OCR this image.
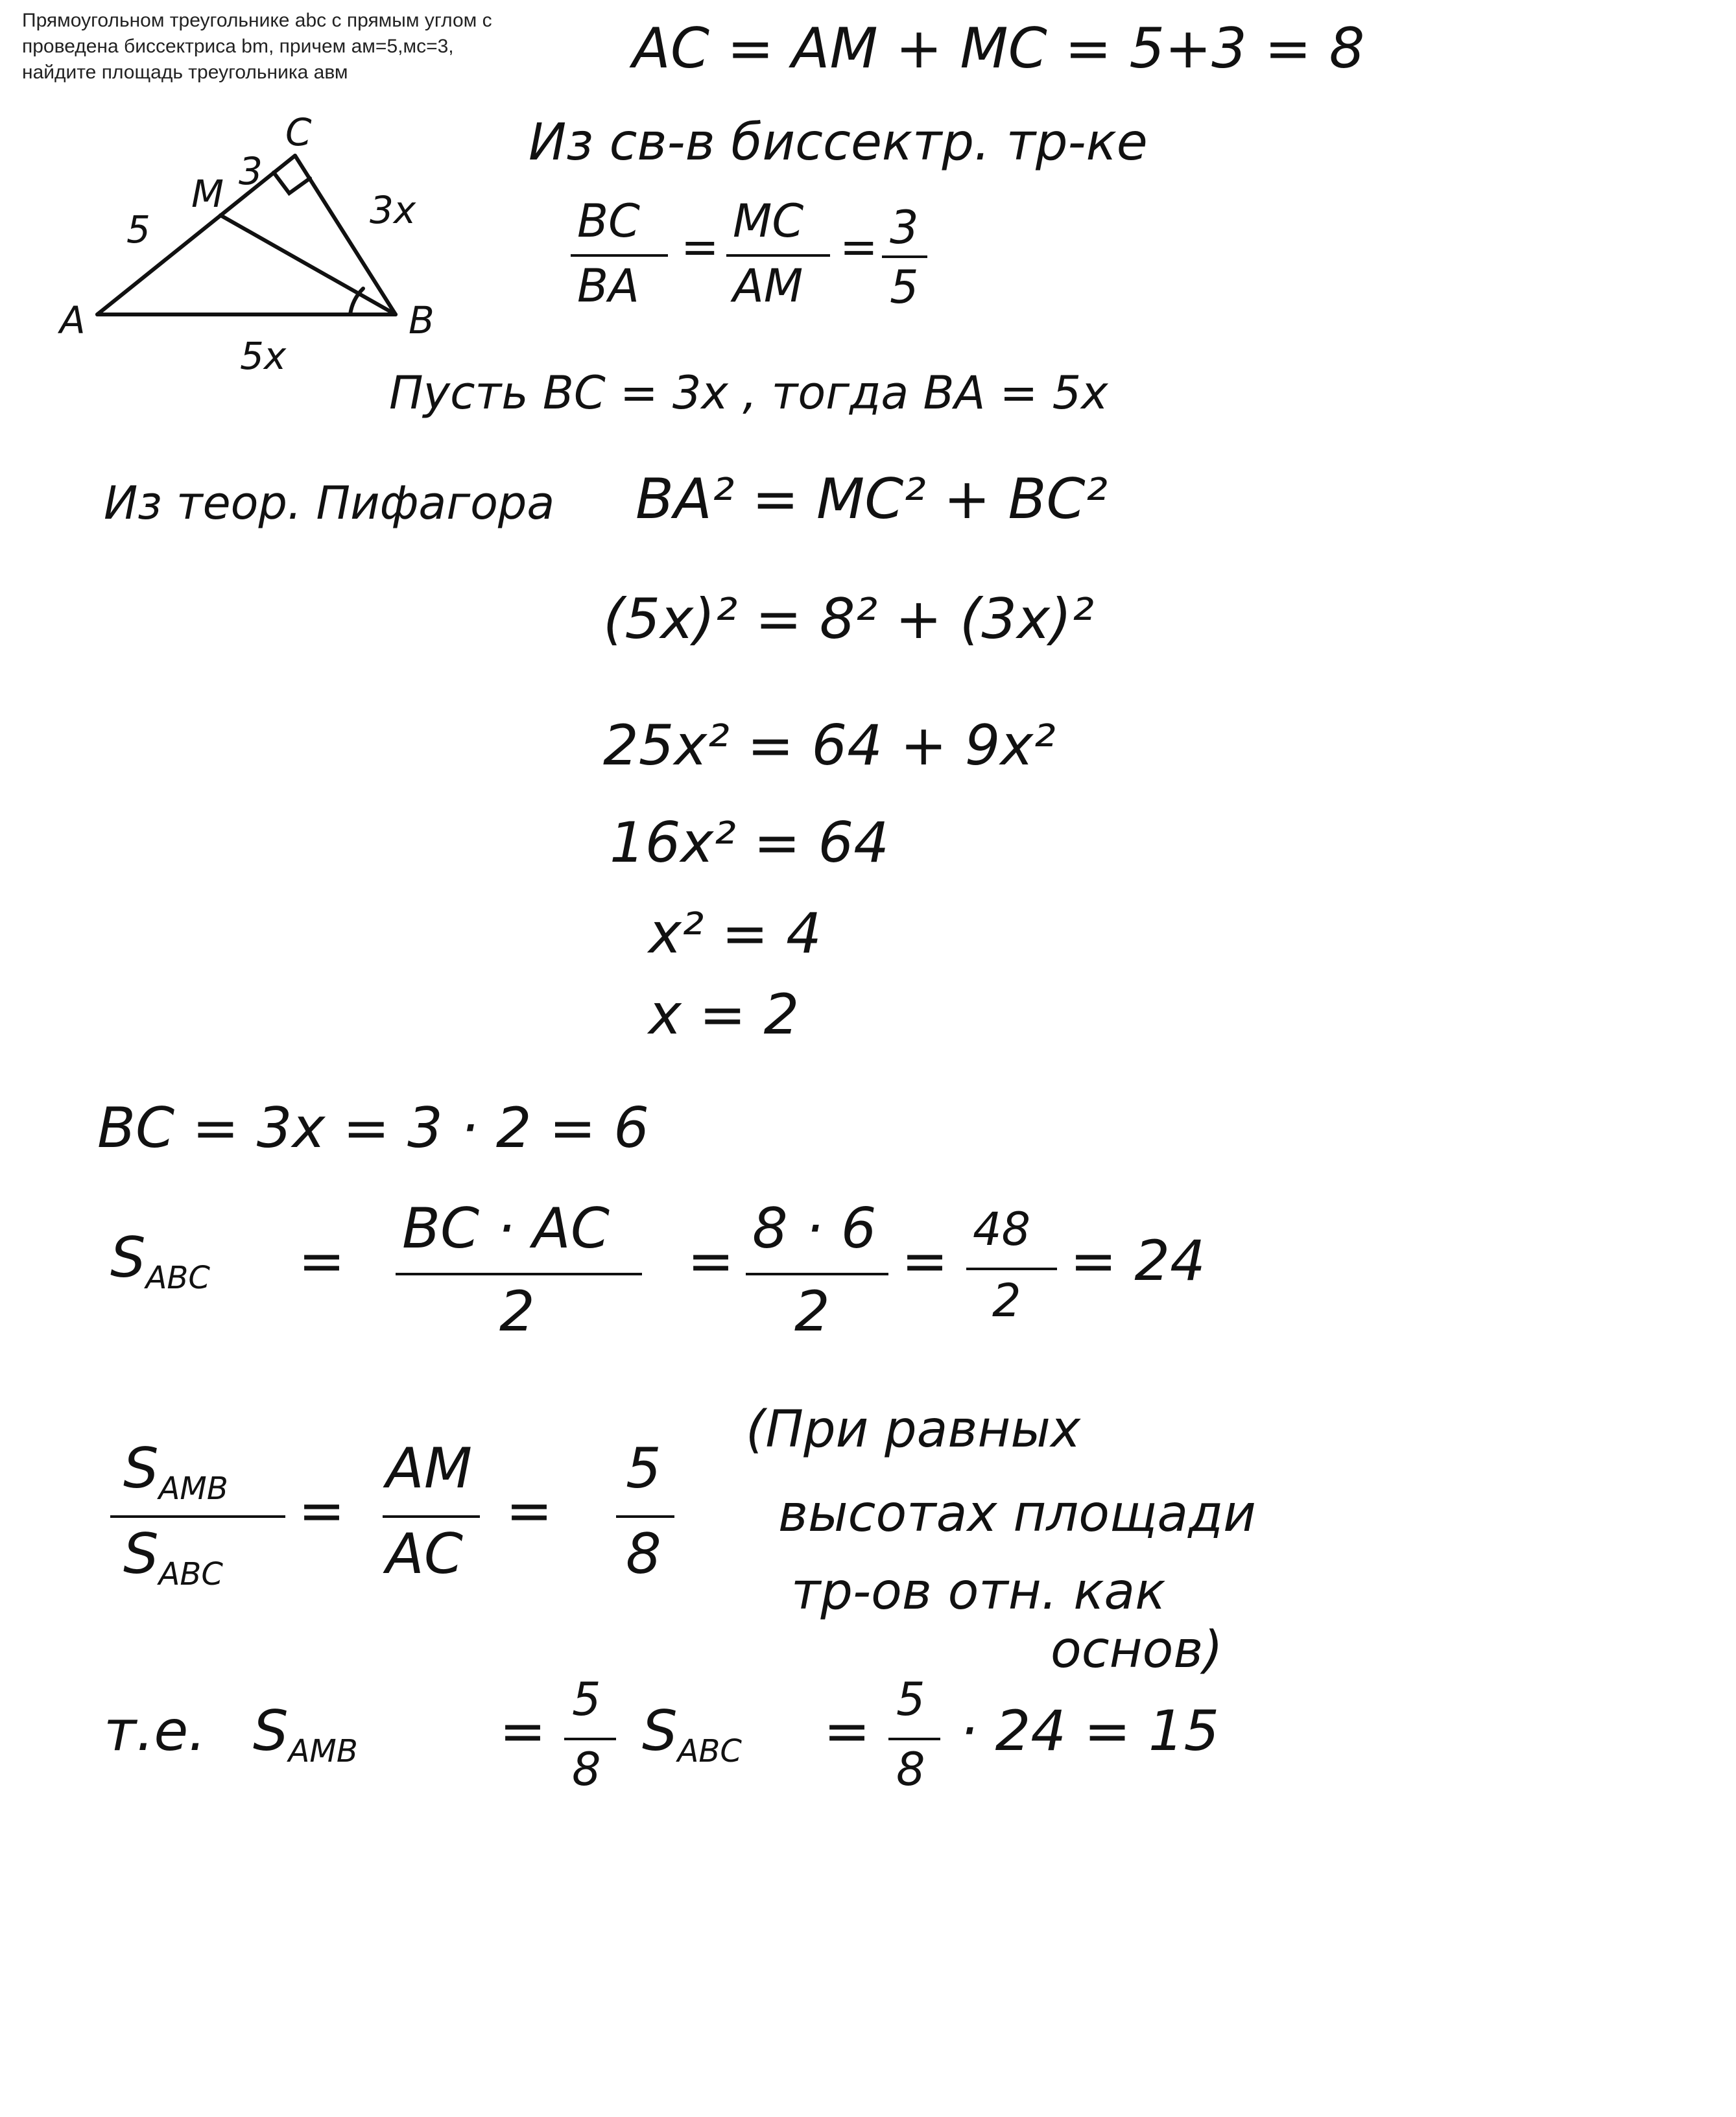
Прямоугольном треугольнике abc с прямым углом с
проведена биссектриса bm, причем ам=5,мс=3,
найдите площадь треугольника авм
A	B
C
M
5
3
3x
5x
AC = AM + MC = 5+3 = 8
Из св-в биссектр. тр-ке
BC
BA
= MC
AM
= 3
5
Пусть BC = 3x , тогда BA = 5x
Из теор. Пифагора BA² = MC² + BC²
(5x)² = 8² + (3x)²
25x² = 64 + 9x²
16x² = 64
x² = 4
x = 2
BC = 3x = 3 · 2 = 6
$S_{ABC}$ = BC · AC
2
= 8 · 6
2
= 48
2
= 24
$S_{AMB}$
$S_{ABC}$
=
AM
AC
=
5
8
(При равных
высотах площади
тр-ов отн. как
основ)
т.е. $S_{AMB}$	= 5
8
$S_{ABC} = 5$
8
· 24 = 15
